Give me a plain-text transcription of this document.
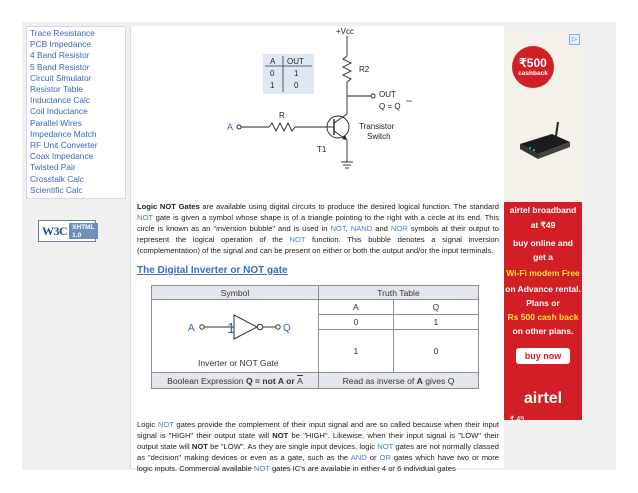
Trace Resistance
PCB Impedance
4 Band Resistor
5 Band Resistor
Circuit Simulator
Resistor Table
Inductance Calc
Coil Inductance
Parallel Wires
Impedance Match
RF Unit Converter
Coax Impedance
Twisted Pair
Crosstalk Calc
Scientific Calc
W3C XHTML
1.0
A OUT
0 1
1 0
+Vcc
R2
OUT
Q = Q
A
R
T1
Transistor
Switch

Logic NOT Gates are available using digital circuits to produce the desired logical function. The standard NOT gate is given a symbol whose shape is of a triangle pointing to the right with a circle at its end. This circle is known as an "inversion bubble" and is used in NOT, NAND and NOR symbols at their output to represent the logical operation of the NOT function. This bubble denotes a signal inversion (complementation) of the signal and can be present on either or both the output and/or the input terminals.

The Digital Inverter or NOT gate
Symbol	Truth Table	

A 1 Q
Inverter or NOT Gate	A	Q
	0	1
	1	0
Boolean Expression Q = not A or $\overline{A}$	Read as inverse of A gives Q	

Logic NOT gates provide the complement of their input signal and are so called because when their input signal is "HIGH" their output state will NOT be "HIGH". Likewise, when their input signal is "LOW" their output state will NOT be "LOW". As they are single input devices, logic NOT gates are not normally classed as "decision" making devices or even as a gate, such as the AND or OR gates which have two or more logic inputs. Commercial available NOT gates IC's are available in either 4 or 6 individual gates

▷
₹500
cashback
airtel broadband
at ₹49
buy online and
get a
Wi-Fi modem Free
on Advance rental.
Plans or
Rs 500 cash back
on other plans.
buy now
airtel
₹ 49
